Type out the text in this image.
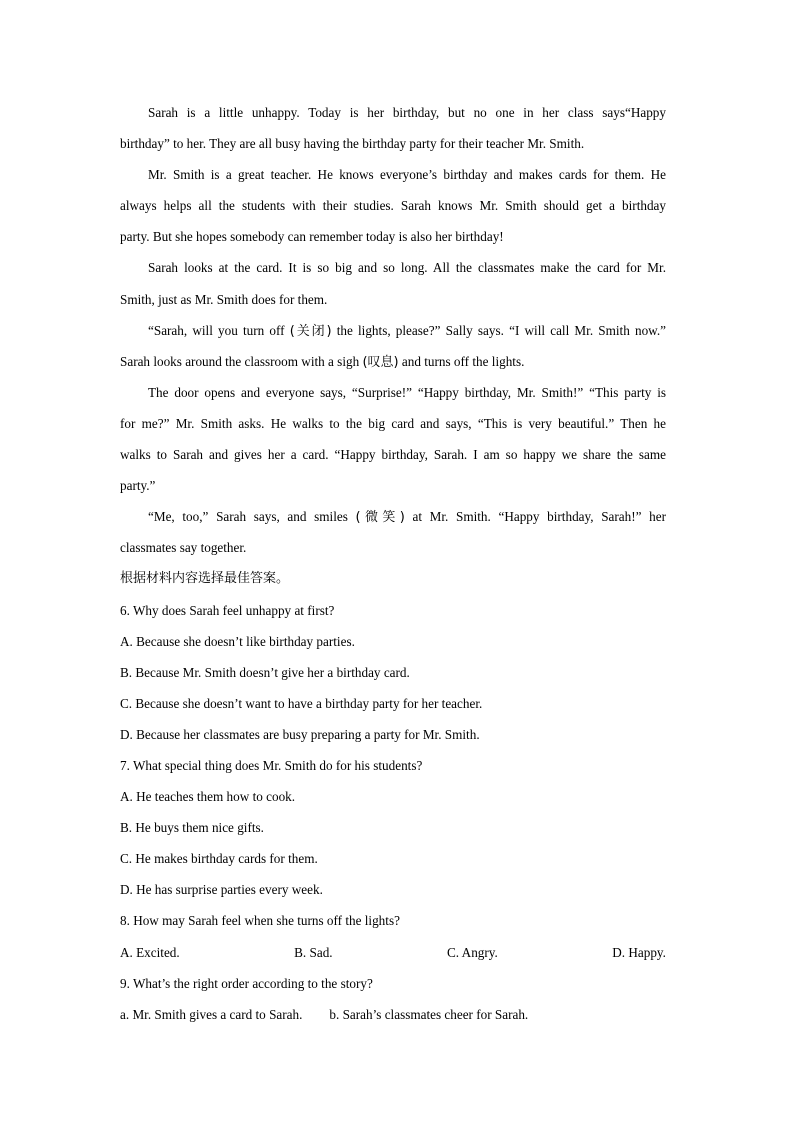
Sarah is a little unhappy. Today is her birthday, but no one in her class says“Happy
birthday” to her. They are all busy having the birthday party for their teacher Mr. Smith.
Mr. Smith is a great teacher. He knows everyone’s birthday and makes cards for them. He
always helps all the students with their studies. Sarah knows Mr. Smith should get a birthday
party. But she hopes somebody can remember today is also her birthday!
Sarah looks at the card. It is so big and so long. All the classmates make the card for Mr.
Smith, just as Mr. Smith does for them.
“Sarah, will you turn off (关闭) the lights, please?” Sally says. “I will call Mr. Smith now.”
Sarah looks around the classroom with a sigh (叹息) and turns off the lights.
The door opens and everyone says, “Surprise!” “Happy birthday, Mr. Smith!” “This party is
for me?” Mr. Smith asks. He walks to the big card and says, “This is very beautiful.” Then he
walks to Sarah and gives her a card. “Happy birthday, Sarah. I am so happy we share the same
party.”
“Me, too,” Sarah says, and smiles (微笑) at Mr. Smith. “Happy birthday, Sarah!” her
classmates say together.
根据材料内容选择最佳答案。
6. Why does Sarah feel unhappy at first?
A. Because she doesn’t like birthday parties.
B. Because Mr. Smith doesn’t give her a birthday card.
C. Because she doesn’t want to have a birthday party for her teacher.
D. Because her classmates are busy preparing a party for Mr. Smith.
7. What special thing does Mr. Smith do for his students?
A. He teaches them how to cook.
B. He buys them nice gifts.
C. He makes birthday cards for them.
D. He has surprise parties every week.
8. How may Sarah feel when she turns off the lights?
A. Excited.	B. Sad.	C. Angry.	D. Happy.
9. What’s the right order according to the story?
a. Mr. Smith gives a card to Sarah. b. Sarah’s classmates cheer for Sarah.
